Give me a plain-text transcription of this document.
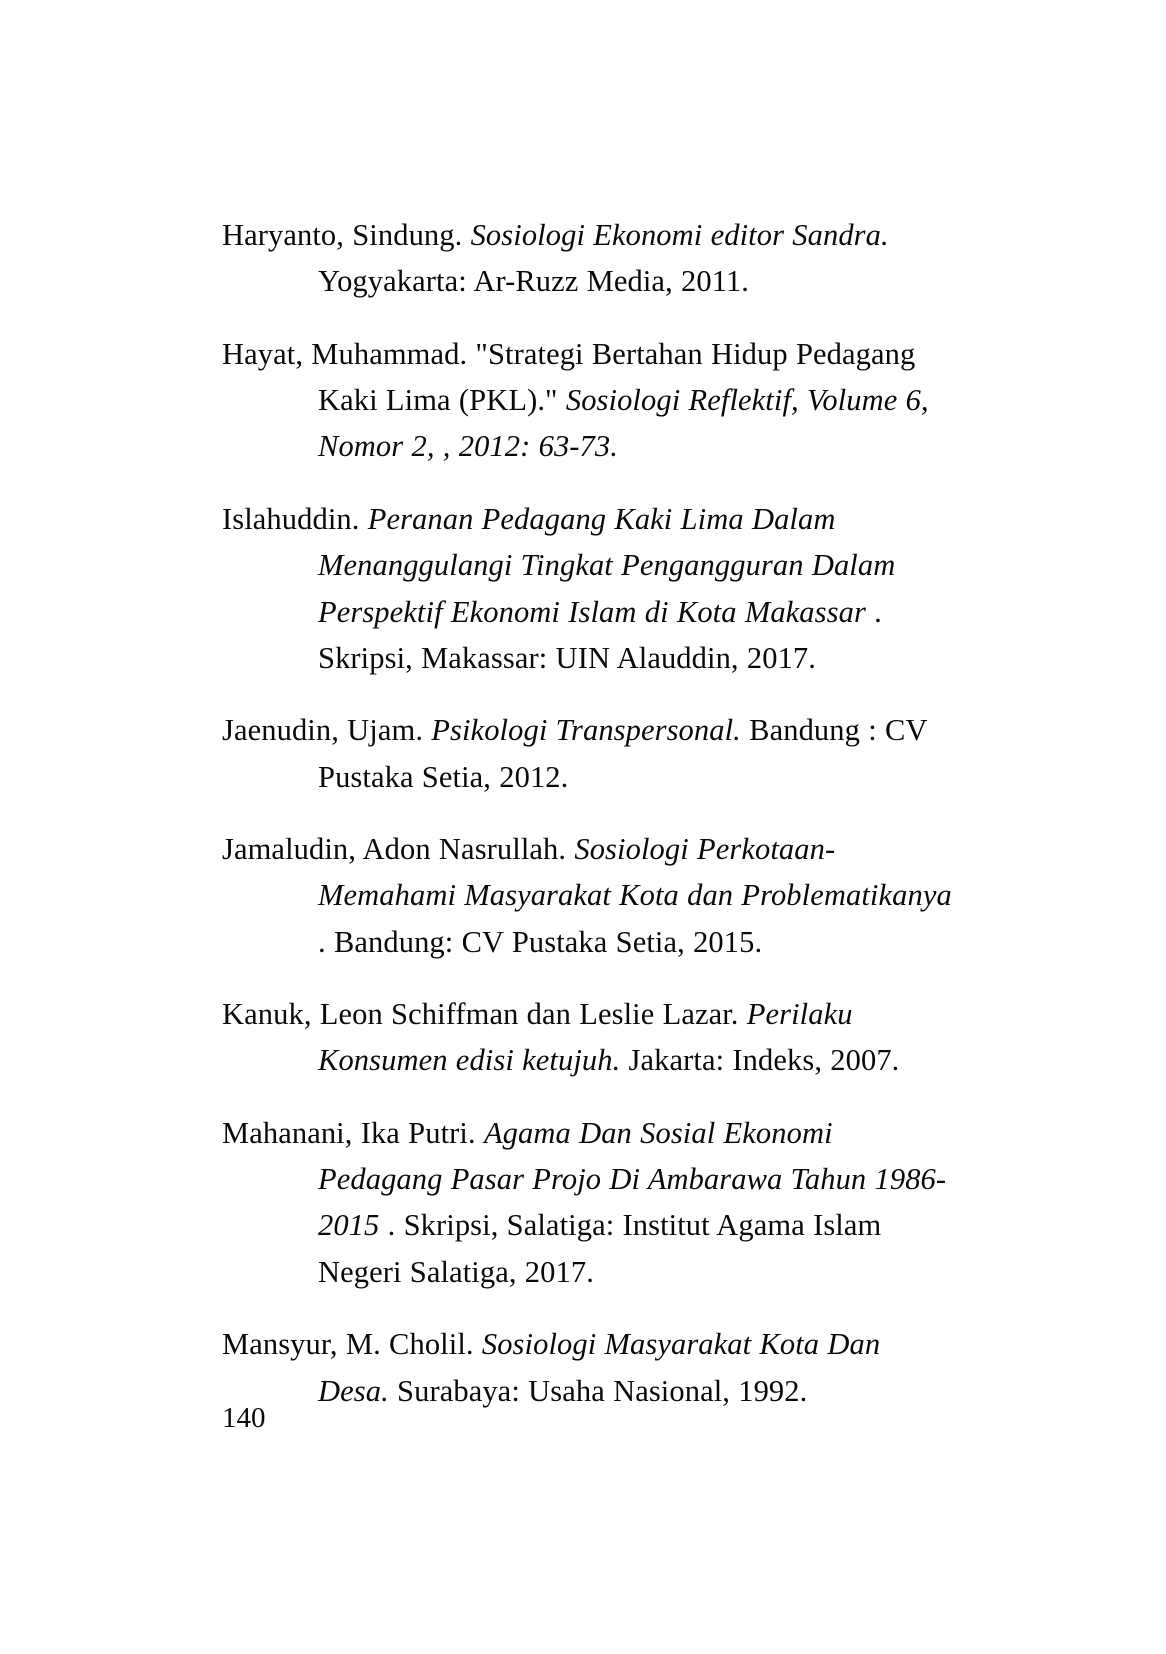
Haryanto, Sindung. Sosiologi Ekonomi editor Sandra. Yogyakarta: Ar-Ruzz Media, 2011.
Hayat, Muhammad. "Strategi Bertahan Hidup Pedagang Kaki Lima (PKL)." Sosiologi Reflektif, Volume 6, Nomor 2, , 2012: 63-73.
Islahuddin. Peranan Pedagang Kaki Lima Dalam Menanggulangi Tingkat Pengangguran Dalam Perspektif Ekonomi Islam di Kota Makassar . Skripsi, Makassar: UIN Alauddin, 2017.
Jaenudin, Ujam. Psikologi Transpersonal. Bandung : CV Pustaka Setia, 2012.
Jamaludin, Adon Nasrullah. Sosiologi Perkotaan- Memahami Masyarakat Kota dan Problematikanya . Bandung: CV Pustaka Setia, 2015.
Kanuk, Leon Schiffman dan Leslie Lazar. Perilaku Konsumen edisi ketujuh. Jakarta: Indeks, 2007.
Mahanani, Ika Putri. Agama Dan Sosial Ekonomi Pedagang Pasar Projo Di Ambarawa Tahun 1986- 2015 . Skripsi, Salatiga: Institut Agama Islam Negeri Salatiga, 2017.
Mansyur, M. Cholil. Sosiologi Masyarakat Kota Dan Desa. Surabaya: Usaha Nasional, 1992.
140
